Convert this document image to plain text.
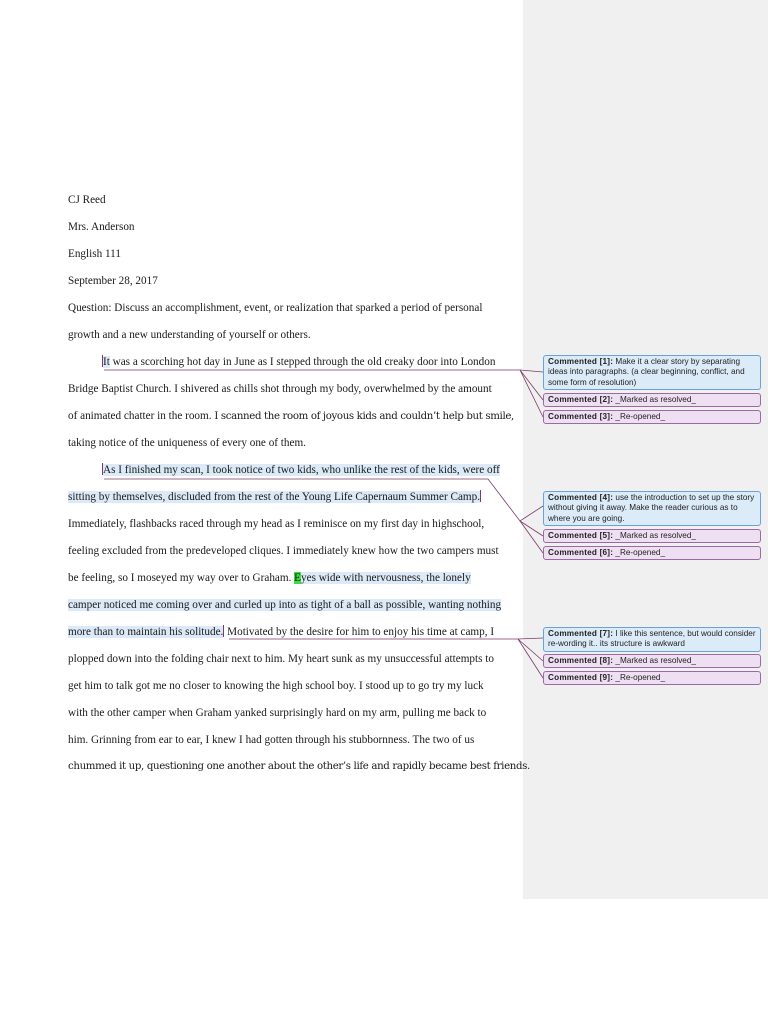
CJ Reed
Mrs. Anderson
English 111
September 28, 2017
Question: Discuss an accomplishment, event, or realization that sparked a period of personal
growth and a new understanding of yourself or others.
It was a scorching hot day in June as I stepped through the old creaky door into London
Bridge Baptist Church. I shivered as chills shot through my body, overwhelmed by the amount
of animated chatter in the room. I scanned the room of joyous kids and couldn’t help but smile,
taking notice of the uniqueness of every one of them.
As I finished my scan, I took notice of two kids, who unlike the rest of the kids, were off
sitting by themselves, discluded from the rest of the Young Life Capernaum Summer Camp.
Immediately, flashbacks raced through my head as I reminisce on my first day in highschool,
feeling excluded from the predeveloped cliques. I immediately knew how the two campers must
be feeling, so I moseyed my way over to Graham. Eyes wide with nervousness, the lonely
camper noticed me coming over and curled up into as tight of a ball as possible, wanting nothing
more than to maintain his solitude. Motivated by the desire for him to enjoy his time at camp, I
plopped down into the folding chair next to him. My heart sunk as my unsuccessful attempts to
get him to talk got me no closer to knowing the high school boy. I stood up to go try my luck
with the other camper when Graham yanked surprisingly hard on my arm, pulling me back to
him. Grinning from ear to ear, I knew I had gotten through his stubbornness. The two of us
chummed it up, questioning one another about the other’s life and rapidly became best friends.
Commented [1]: Make it a clear story by separating ideas into paragraphs. (a clear beginning, conflict, and some form of resolution)
Commented [2]: _Marked as resolved_
Commented [3]: _Re-opened_
Commented [4]: use the introduction to set up the story without giving it away. Make the reader curious as to where you are going.
Commented [5]: _Marked as resolved_
Commented [6]: _Re-opened_
Commented [7]: I like this sentence, but would consider re-wording it.. its structure is awkward
Commented [8]: _Marked as resolved_
Commented [9]: _Re-opened_
